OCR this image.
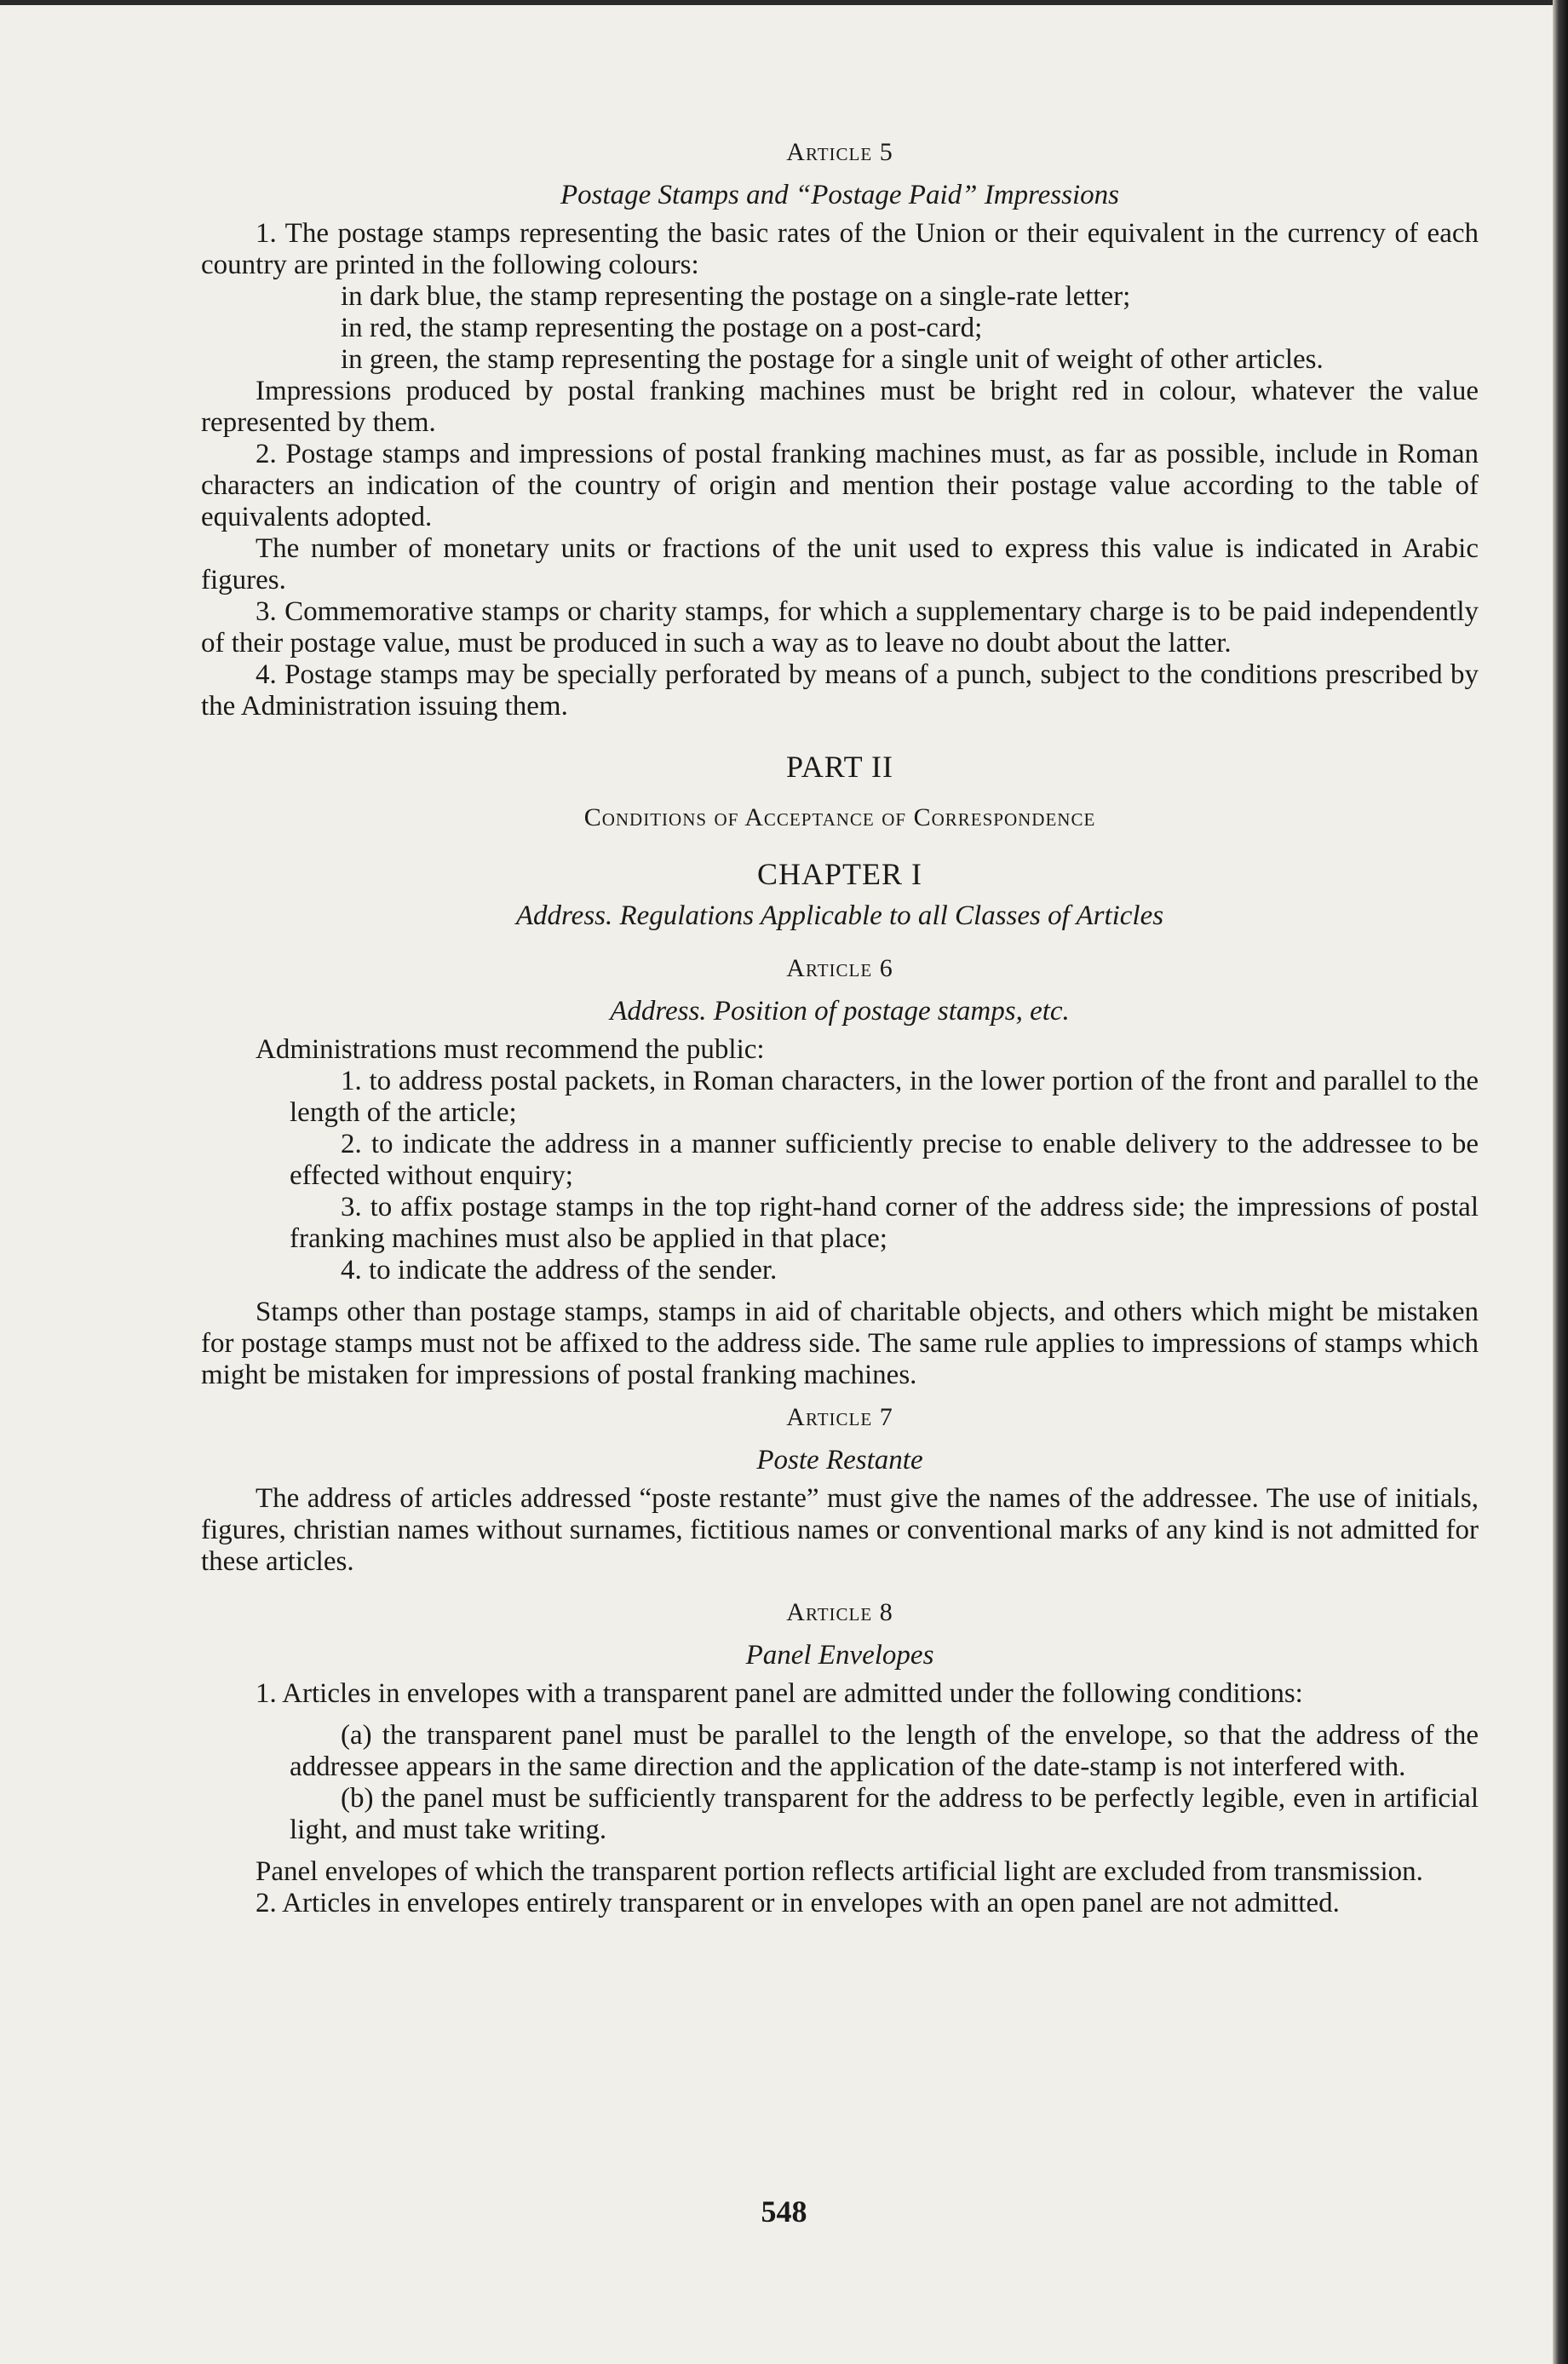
Article 5
Postage Stamps and “Postage Paid” Impressions

1. The postage stamps representing the basic rates of the Union or their equivalent in the currency of each country are printed in the following colours:

in dark blue, the stamp representing the postage on a single-rate letter;

in red, the stamp representing the postage on a post-card;

in green, the stamp representing the postage for a single unit of weight of other articles.

Impressions produced by postal franking machines must be bright red in colour, whatever the value represented by them.

2. Postage stamps and impressions of postal franking machines must, as far as possible, include in Roman characters an indication of the country of origin and mention their postage value according to the table of equivalents adopted.

The number of monetary units or fractions of the unit used to express this value is indicated in Arabic figures.

3. Commemorative stamps or charity stamps, for which a supplementary charge is to be paid independently of their postage value, must be produced in such a way as to leave no doubt about the latter.

4. Postage stamps may be specially perforated by means of a punch, subject to the conditions prescribed by the Administration issuing them.

PART II
Conditions of Acceptance of Correspondence
CHAPTER I
Address. Regulations Applicable to all Classes of Articles
Article 6
Address. Position of postage stamps, etc.

Administrations must recommend the public:

1. to address postal packets, in Roman characters, in the lower portion of the front and parallel to the length of the article;

2. to indicate the address in a manner sufficiently precise to enable delivery to the addressee to be effected without enquiry;

3. to affix postage stamps in the top right-hand corner of the address side; the impressions of postal franking machines must also be applied in that place;

4. to indicate the address of the sender.

Stamps other than postage stamps, stamps in aid of charitable objects, and others which might be mistaken for postage stamps must not be affixed to the address side. The same rule applies to impressions of stamps which might be mistaken for impressions of postal franking machines.

Article 7
Poste Restante

The address of articles addressed “poste restante” must give the names of the addressee. The use of initials, figures, christian names without surnames, fictitious names or conventional marks of any kind is not admitted for these articles.

Article 8
Panel Envelopes

1. Articles in envelopes with a transparent panel are admitted under the following conditions:

(a) the transparent panel must be parallel to the length of the envelope, so that the address of the addressee appears in the same direction and the application of the date-stamp is not interfered with.

(b) the panel must be sufficiently transparent for the address to be perfectly legible, even in artificial light, and must take writing.

Panel envelopes of which the transparent portion reflects artificial light are excluded from transmission.

2. Articles in envelopes entirely transparent or in envelopes with an open panel are not admitted.

548
